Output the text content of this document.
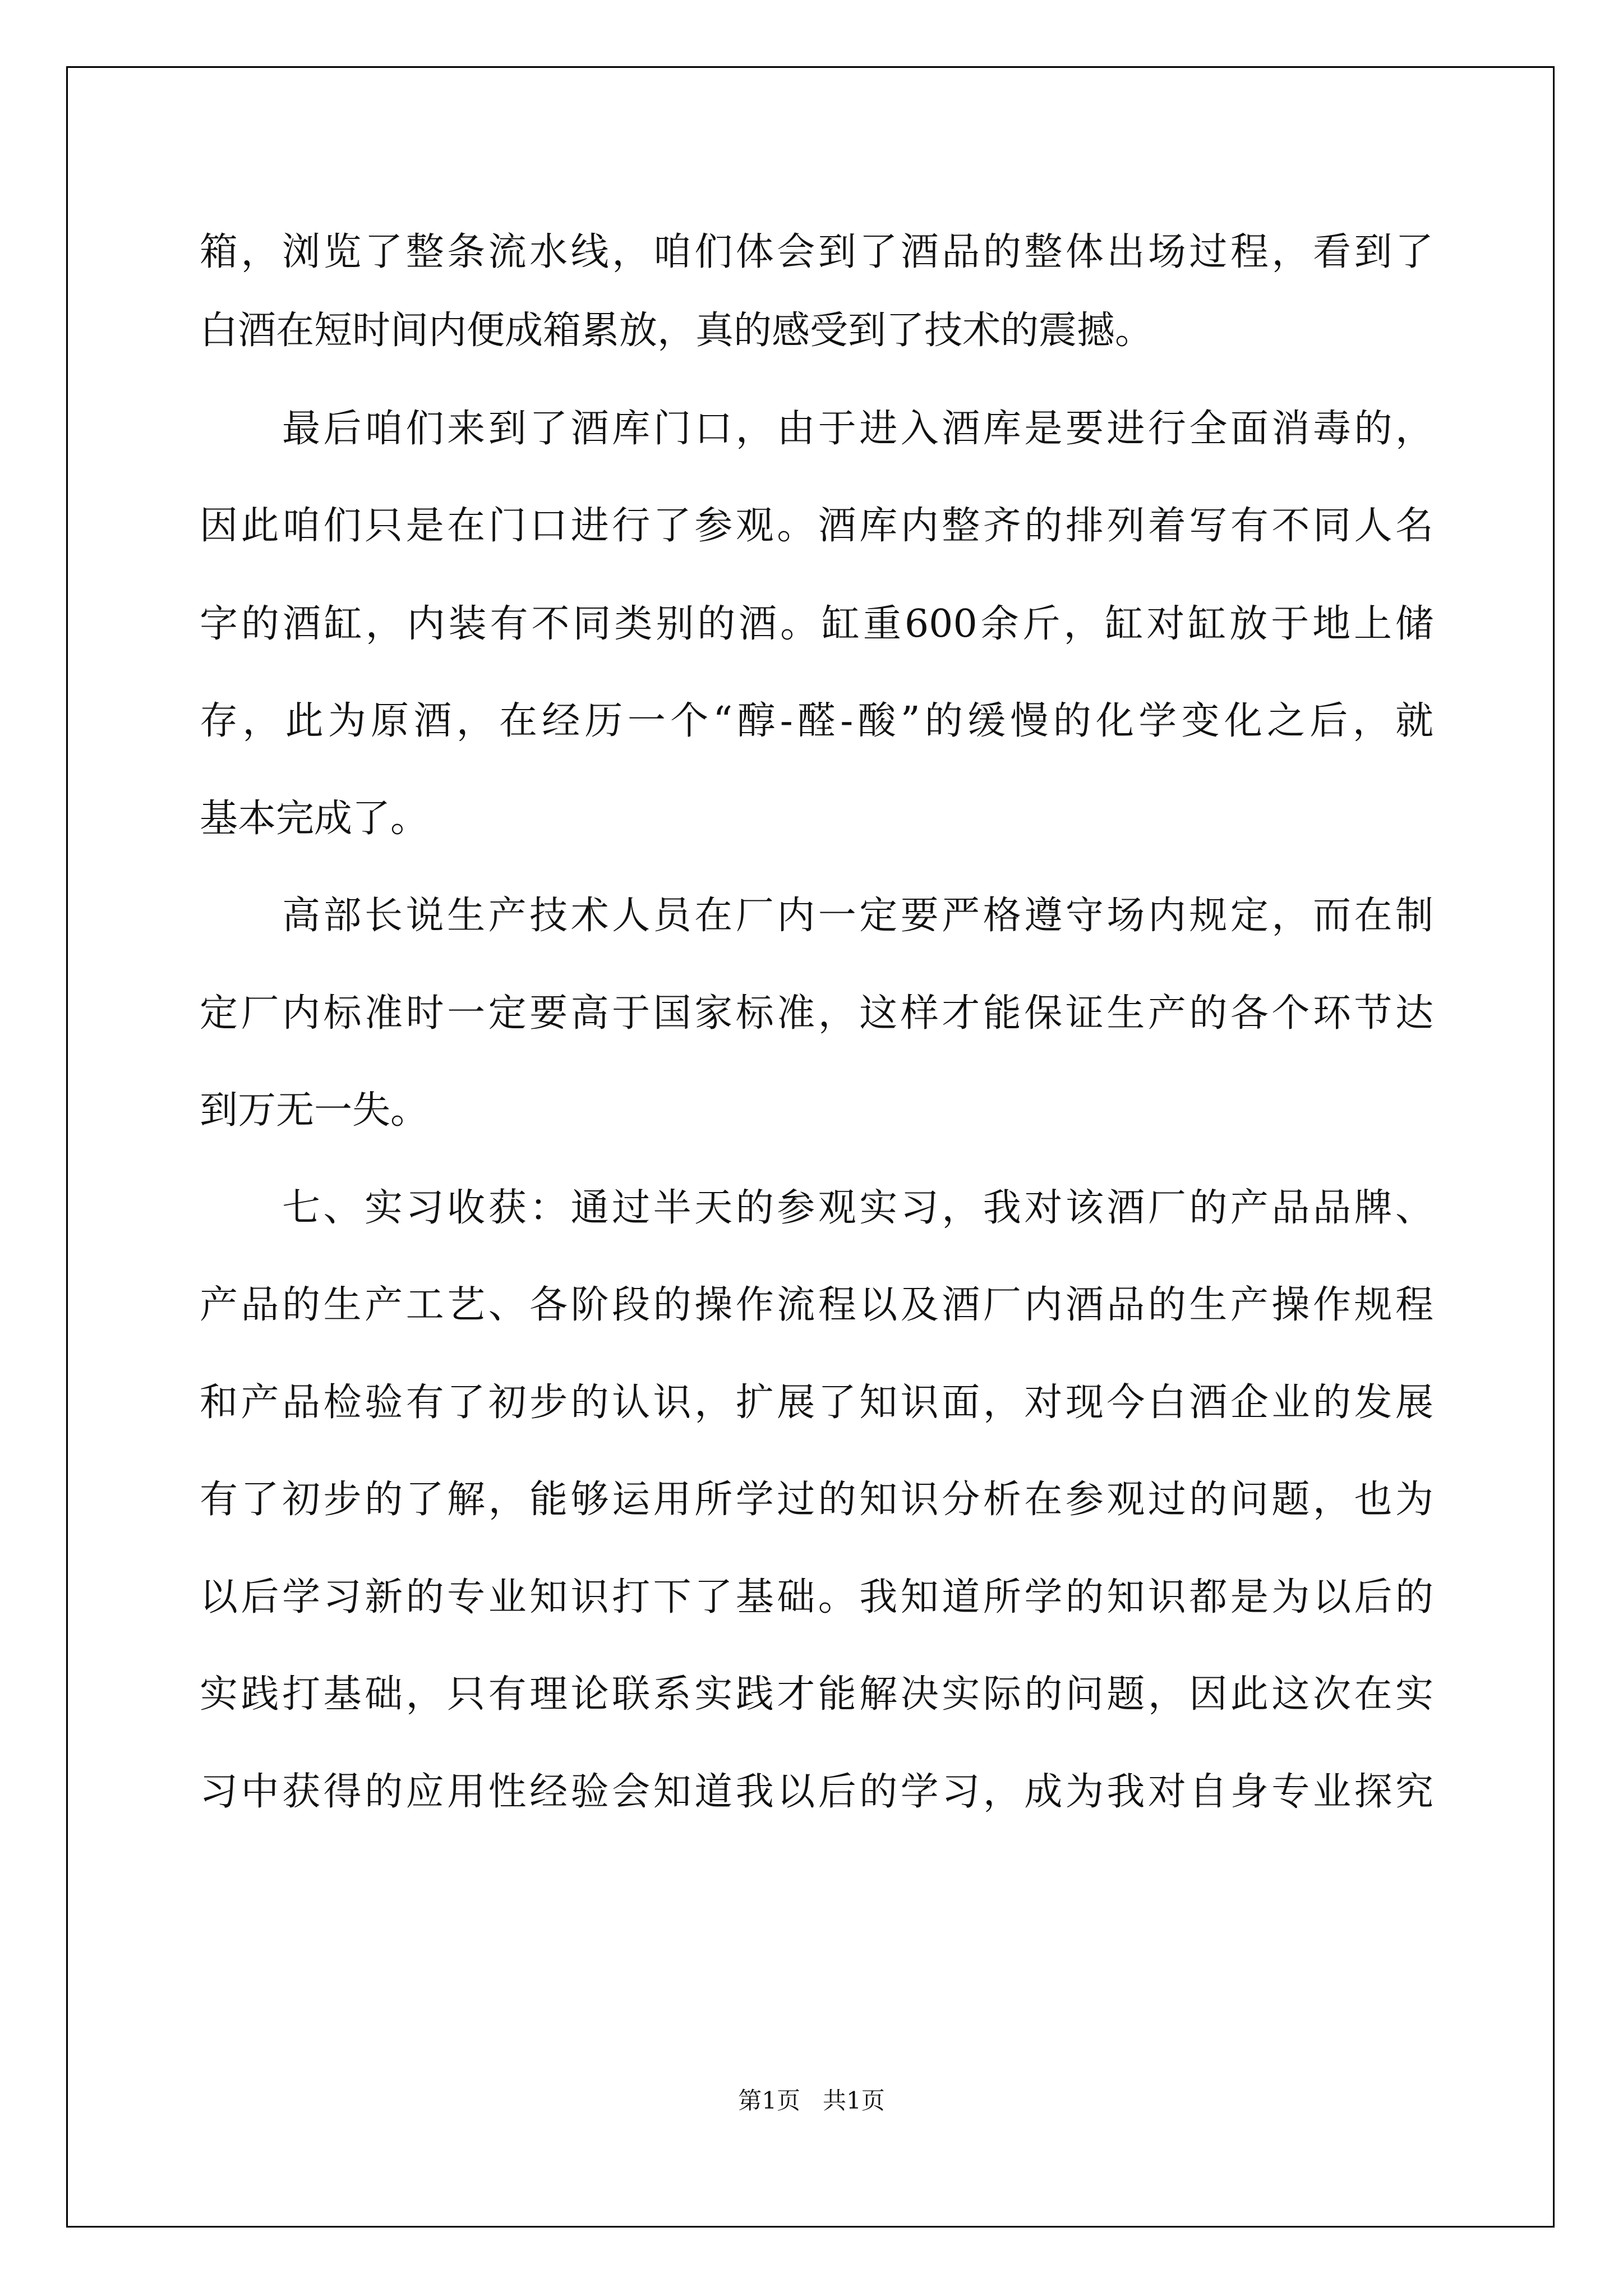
箱，浏览了整条流水线，咱们体会到了酒品的整体出场过程，看到了
白酒在短时间内便成箱累放，真的感受到了技术的震撼。
最后咱们来到了酒库门口，由于进入酒库是要进行全面消毒的，
因此咱们只是在门口进行了参观。酒库内整齐的排列着写有不同人名
字的酒缸，内装有不同类别的酒。缸重600余斤，缸对缸放于地上储
存，此为原酒，在经历一个“醇-醛-酸”的缓慢的化学变化之后，就
基本完成了。
高部长说生产技术人员在厂内一定要严格遵守场内规定，而在制
定厂内标准时一定要高于国家标准，这样才能保证生产的各个环节达
到万无一失。
七、实习收获：通过半天的参观实习，我对该酒厂的产品品牌、
产品的生产工艺、各阶段的操作流程以及酒厂内酒品的生产操作规程
和产品检验有了初步的认识，扩展了知识面，对现今白酒企业的发展
有了初步的了解，能够运用所学过的知识分析在参观过的问题，也为
以后学习新的专业知识打下了基础。我知道所学的知识都是为以后的
实践打基础，只有理论联系实践才能解决实际的问题，因此这次在实
习中获得的应用性经验会知道我以后的学习，成为我对自身专业探究
第1页   共1页
